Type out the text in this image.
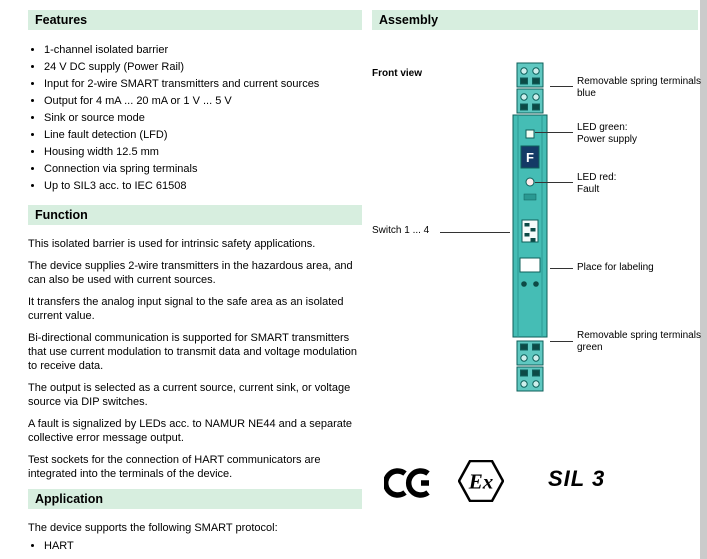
Features
• 1-channel isolated barrier
• 24 V DC supply (Power Rail)
• Input for 2-wire SMART transmitters and current sources
• Output for 4 mA ... 20 mA or 1 V ... 5 V
• Sink or source mode
• Line fault detection (LFD)
• Housing width 12.5 mm
• Connection via spring terminals
• Up to SIL3 acc. to IEC 61508
Function

This isolated barrier is used for intrinsic safety applications.

The device supplies 2-wire transmitters in the hazardous area, and can also be used with current sources.

It transfers the analog input signal to the safe area as an isolated current value.

Bi-directional communication is supported for SMART transmitters that use current modulation to transmit data and voltage modulation to receive data.

The output is selected as a current source, current sink, or voltage source via DIP switches.

A fault is signalized by LEDs acc. to NAMUR NE44 and a separate collective error message output.

Test sockets for the connection of HART communicators are integrated into the terminals of the device.

Application

The device supports the following SMART protocol:

• HART
Assembly
Front view
F
Removable spring terminals
blue
LED green:
Power supply
LED red:
Fault
Switch 1 ... 4
Place for labeling
Removable spring terminals
green
Ex SIL 3
